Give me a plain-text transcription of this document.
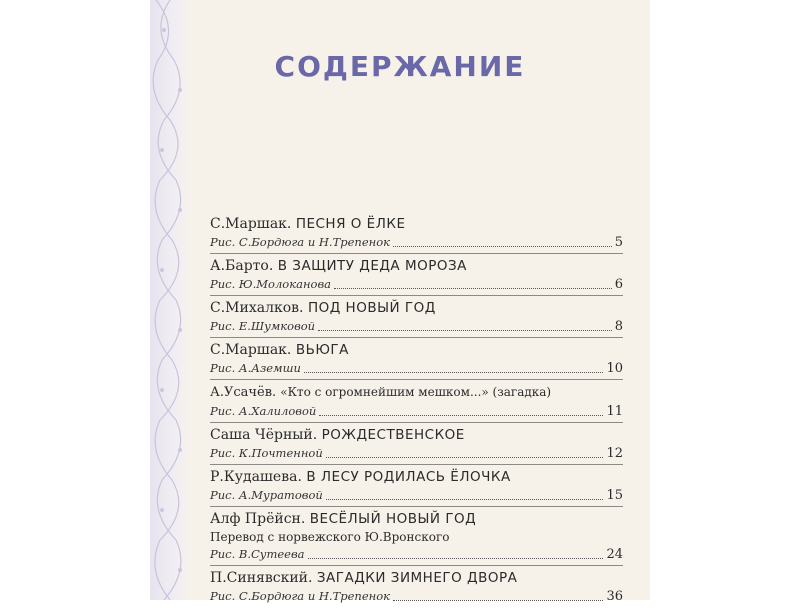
СОДЕРЖАНИЕ
С.Маршак. ПЕСНЯ О ЁЛКЕ
Рис. С.Бордюга и Н.Трепенок	5
А.Барто. В ЗАЩИТУ ДЕДА МОРОЗА
Рис. Ю.Молоканова	6
С.Михалков. ПОД НОВЫЙ ГОД
Рис. Е.Шумковой	8
С.Маршак. ВЬЮГА
Рис. А.Аземши	10
А.Усачёв. «Кто с огромнейшим мешком...» (загадка)
Рис. А.Халиловой	11
Саша Чёрный. РОЖДЕСТВЕНСКОЕ
Рис. К.Почтенной	12
Р.Кудашева. В ЛЕСУ РОДИЛАСЬ ЁЛОЧКА
Рис. А.Муратовой	15
Алф Прёйсн. ВЕСЁЛЫЙ НОВЫЙ ГОД
Перевод с норвежского Ю.Вронского
Рис. В.Сутеева	24
П.Синявский. ЗАГАДКИ ЗИМНЕГО ДВОРА
Рис. С.Бордюга и Н.Трепенок	36
